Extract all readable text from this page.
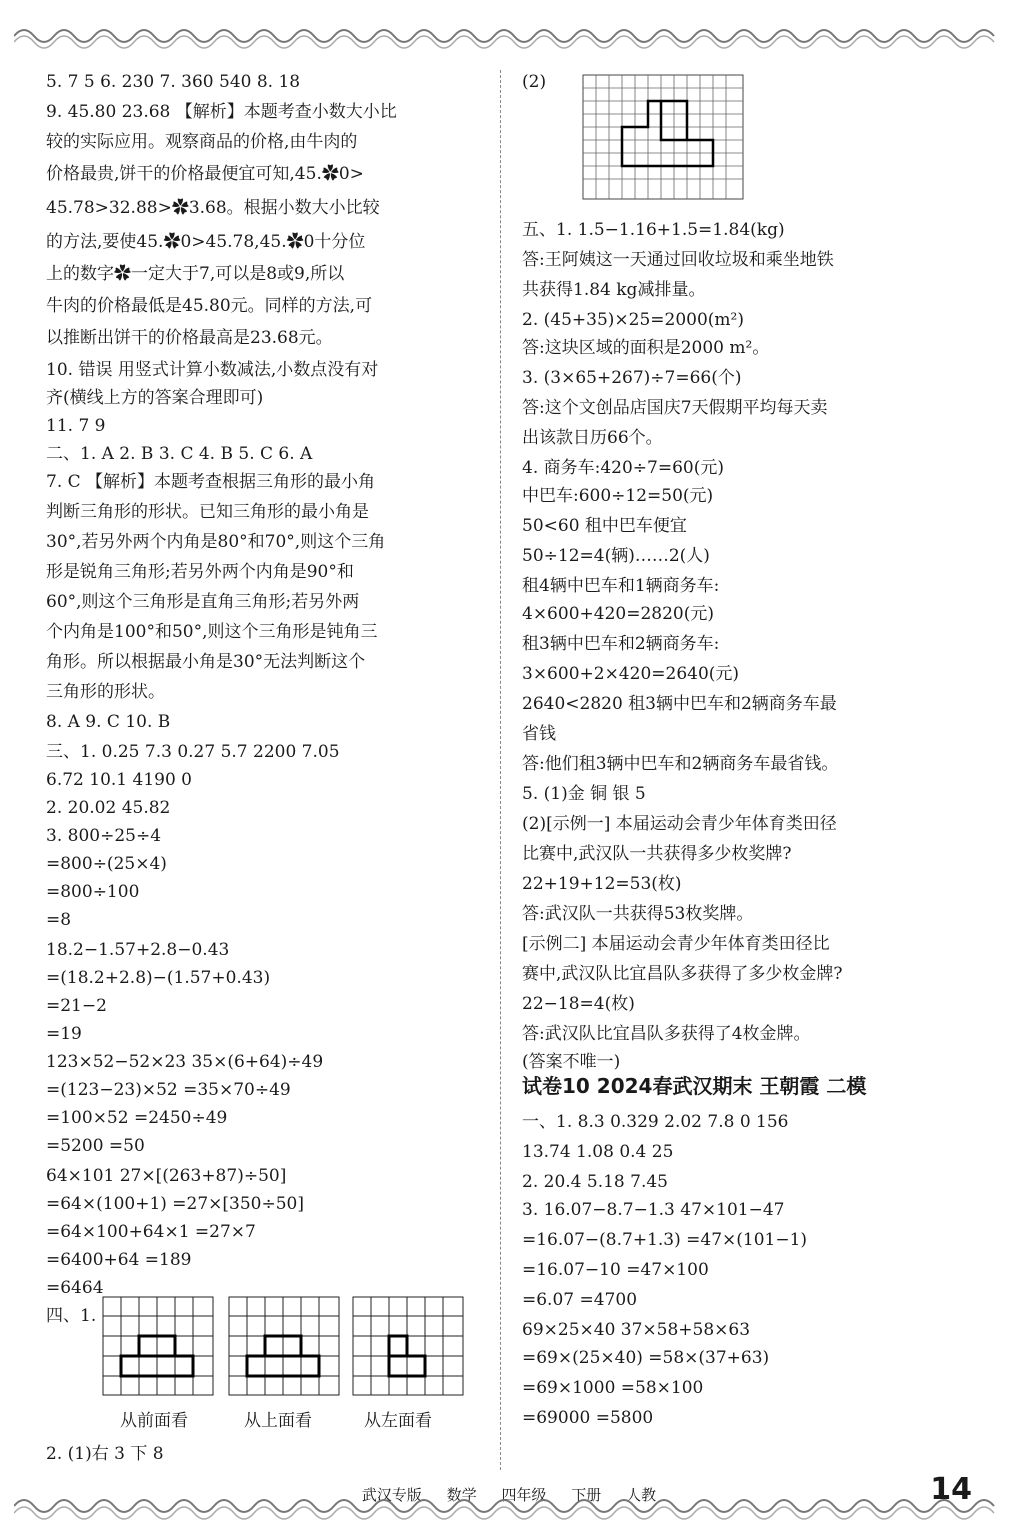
从前面看	从上面看	从左面看
5. 7 5 6. 230 7. 360 540 8. 18
9. 45.80 23.68 【解析】本题考查小数大小比
较的实际应用。观察商品的价格,由牛肉的
价格最贵,饼干的价格最便宜可知,45.✿0>
45.78>32.88>✿3.68。根据小数大小比较
的方法,要使45.✿0>45.78,45.✿0十分位
上的数字✿一定大于7,可以是8或9,所以
牛肉的价格最低是45.80元。同样的方法,可
以推断出饼干的价格最高是23.68元。
10. 错误 用竖式计算小数减法,小数点没有对
齐(横线上方的答案合理即可)
11. 7 9
二、1. A 2. B 3. C 4. B 5. C 6. A
7. C 【解析】本题考查根据三角形的最小角
判断三角形的形状。已知三角形的最小角是
30°,若另外两个内角是80°和70°,则这个三角
形是锐角三角形;若另外两个内角是90°和
60°,则这个三角形是直角三角形;若另外两
个内角是100°和50°,则这个三角形是钝角三
角形。所以根据最小角是30°无法判断这个
三角形的形状。
8. A 9. C 10. B
三、1. 0.25 7.3 0.27 5.7 2200 7.05
6.72 10.1 4190 0
2. 20.02 45.82
3. 800÷25÷4
=800÷(25×4)
=800÷100
=8
18.2−1.57+2.8−0.43
=(18.2+2.8)−(1.57+0.43)
=21−2
=19
123×52−52×23 35×(6+64)÷49
=(123−23)×52 =35×70÷49
=100×52 =2450÷49
=5200 =50
64×101 27×[(263+87)÷50]
=64×(100+1) =27×[350÷50]
=64×100+64×1 =27×7
=6400+64 =189
=6464
四、1.
2. (1)右 3 下 8
试卷10 2024春武汉期末 王朝霞 二模
(2)
五、1. 1.5−1.16+1.5=1.84(kg)
答:王阿姨这一天通过回收垃圾和乘坐地铁
共获得1.84 kg减排量。
2. (45+35)×25=2000(m²)
答:这块区域的面积是2000 m²。
3. (3×65+267)÷7=66(个)
答:这个文创品店国庆7天假期平均每天卖
出该款日历66个。
4. 商务车:420÷7=60(元)
中巴车:600÷12=50(元)
50<60 租中巴车便宜
50÷12=4(辆)……2(人)
租4辆中巴车和1辆商务车:
4×600+420=2820(元)
租3辆中巴车和2辆商务车:
3×600+2×420=2640(元)
2640<2820 租3辆中巴车和2辆商务车最
省钱
答:他们租3辆中巴车和2辆商务车最省钱。
5. (1)金 铜 银 5
(2)[示例一] 本届运动会青少年体育类田径
比赛中,武汉队一共获得多少枚奖牌?
22+19+12=53(枚)
答:武汉队一共获得53枚奖牌。
[示例二] 本届运动会青少年体育类田径比
赛中,武汉队比宜昌队多获得了多少枚金牌?
22−18=4(枚)
答:武汉队比宜昌队多获得了4枚金牌。
(答案不唯一)
一、1. 8.3 0.329 2.02 7.8 0 156
13.74 1.08 0.4 25
2. 20.4 5.18 7.45
3. 16.07−8.7−1.3 47×101−47
=16.07−(8.7+1.3) =47×(101−1)
=16.07−10 =47×100
=6.07 =4700
69×25×40 37×58+58×63
=69×(25×40) =58×(37+63)
=69×1000 =58×100
=69000 =5800
武汉专版 数学 四年级 下册 人教	14
